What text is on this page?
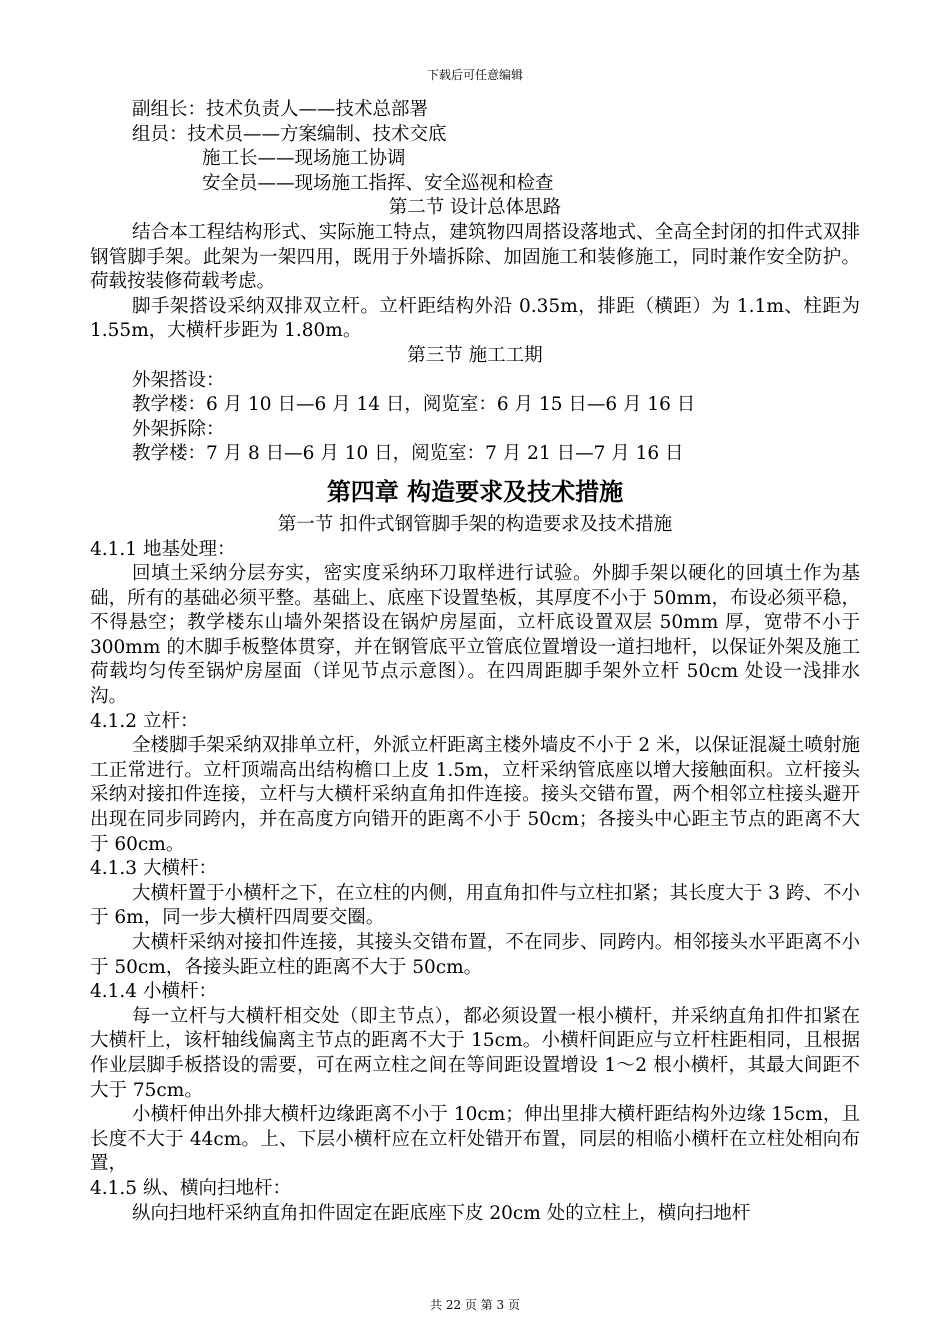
下载后可任意编辑

副组长：技术负责人——技术总部署

组员：技术员——方案编制、技术交底

施工长——现场施工协调

安全员——现场施工指挥、安全巡视和检查

第二节 设计总体思路

结合本工程结构形式、实际施工特点，建筑物四周搭设落地式、全高全封闭的扣件式双排钢管脚手架。此架为一架四用，既用于外墙拆除、加固施工和装修施工，同时兼作安全防护。荷载按装修荷载考虑。

脚手架搭设采纳双排双立杆。立杆距结构外沿 0.35m，排距（横距）为 1.1m、柱距为 1.55m，大横杆步距为 1.80m。

第三节 施工工期

外架搭设：

教学楼：6 月 10 日—6 月 14 日，阅览室：6 月 15 日—6 月 16 日

外架拆除：

教学楼：7 月 8 日—6 月 10 日，阅览室：7 月 21 日—7 月 16 日

第四章 构造要求及技术措施

第一节 扣件式钢管脚手架的构造要求及技术措施

4.1.1 地基处理：

回填土采纳分层夯实，密实度采纳环刀取样进行试验。外脚手架以硬化的回填土作为基础，所有的基础必须平整。基础上、底座下设置垫板，其厚度不小于 50mm，布设必须平稳，不得悬空；教学楼东山墙外架搭设在锅炉房屋面，立杆底设置双层 50mm 厚，宽带不小于 300mm 的木脚手板整体贯穿，并在钢管底平立管底位置增设一道扫地杆，以保证外架及施工荷载均匀传至锅炉房屋面（详见节点示意图）。在四周距脚手架外立杆 50cm 处设一浅排水沟。

4.1.2 立杆：

全楼脚手架采纳双排单立杆，外派立杆距离主楼外墙皮不小于 2 米，以保证混凝土喷射施工正常进行。立杆顶端高出结构檐口上皮 1.5m，立杆采纳管底座以增大接触面积。立杆接头采纳对接扣件连接，立杆与大横杆采纳直角扣件连接。接头交错布置，两个相邻立柱接头避开出现在同步同跨内，并在高度方向错开的距离不小于 50cm；各接头中心距主节点的距离不大于 60cm。

4.1.3 大横杆：

大横杆置于小横杆之下，在立柱的内侧，用直角扣件与立柱扣紧；其长度大于 3 跨、不小于 6m，同一步大横杆四周要交圈。

大横杆采纳对接扣件连接，其接头交错布置，不在同步、同跨内。相邻接头水平距离不小于 50cm，各接头距立柱的距离不大于 50cm。

4.1.4 小横杆：

每一立杆与大横杆相交处（即主节点），都必须设置一根小横杆，并采纳直角扣件扣紧在大横杆上，该杆轴线偏离主节点的距离不大于 15cm。小横杆间距应与立杆柱距相同，且根据作业层脚手板搭设的需要，可在两立柱之间在等间距设置增设 1～2 根小横杆，其最大间距不大于 75cm。

小横杆伸出外排大横杆边缘距离不小于 10cm；伸出里排大横杆距结构外边缘 15cm，且长度不大于 44cm。上、下层小横杆应在立杆处错开布置，同层的相临小横杆在立柱处相向布置，

4.1.5 纵、横向扫地杆：

纵向扫地杆采纳直角扣件固定在距底座下皮 20cm 处的立柱上，横向扫地杆

共 22 页 第 3 页
